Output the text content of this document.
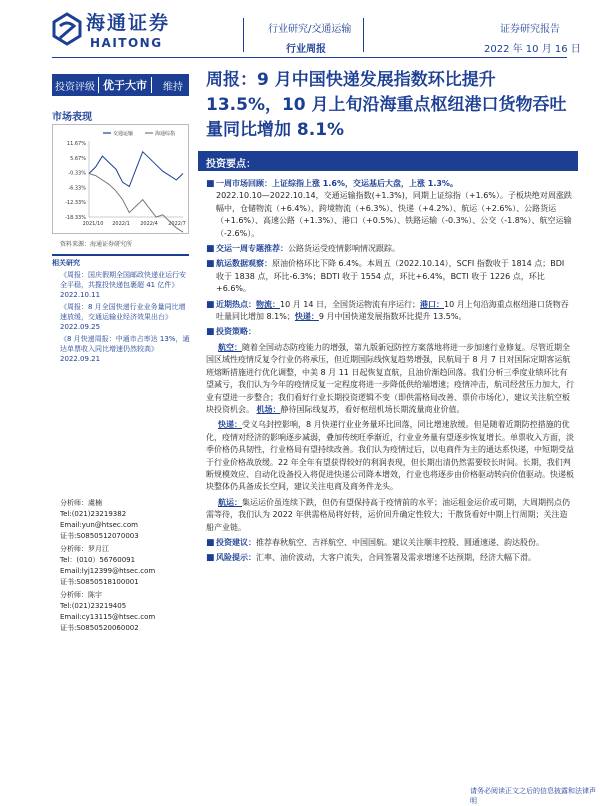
海通证券
HAITONG
行业研究/交通运输
行业周报
证券研究报告
2022 年 10 月 16 日
投资评级 优于大市	维持	周报：9 月中国快递发展指数环比提升 13.5%，10 月上旬沿海重点枢纽港口货物吞吐量同比增加 8.1%
市场表现
11.67%
5.67%
-0.33%
-6.33%
-12.33%
-18.33%
2021/10 2022/1 2022/4 2022/7
交通运输	海通综指
资料来源：海通证券研究所
相关研究
《周报：国庆假期全国邮政快递业运行安全平稳，共揽投快递包裹超 41 亿件》
2022.10.11
《周报：8 月全国快递行业业务量同比增速放缓，交通运输业经济效果出台》
2022.09.25
《8 月快递周报：中通市占率达 13%，通达单票收入同比增速仍然较高》
2022.09.21
分析师：虞楠
Tel:(021)23219382
Email:yun@htsec.com
证书:S0850512070003
分析师：罗月江
Tel：(010）56760091
Email:lyj12399@htsec.com
证书:S0850518100001
分析师：陈宇
Tel:(021)23219405
Email:cy13115@htsec.com
证书:S0850520060002
投资要点：
■ 一周市场回顾：上证综指上涨 1.6%，交运基后大盘，上涨 1.3%。
2022.10.10—2022.10.14，交通运输指数(+1.3%)，同期上证综指（+1.6%）。子板块绝对周涨跌幅中，仓储物流（+6.4%）、跨境物流（+6.3%）、快递（+4.2%）、航运（+2.6%）、公路货运（+1.6%）、高速公路（+1.3%）、港口（+0.5%）、铁路运输（-0.3%）、公交（-1.8%）、航空运输（-2.6%）。
■ 交运一周专题推荐：公路货运受疫情影响情况跟踪。
■ 航运数据观察：原油价格环比下降 6.4%。本周五（2022.10.14），SCFI 指数收于 1814 点；BDI 收于 1838 点，环比-6.3%；BDTI 收于 1554 点，环比+6.4%，BCTI 收于 1226 点，环比+6.6%。
■ 近期热点：物流：10 月 14 日，全国货运物流有序运行；港口：10 月上旬沿海重点枢纽港口货物吞吐量同比增加 8.1%；快递：9 月中国快递发展指数环比提升 13.5%。
■ 投资策略：
航空：随着全国动态防疫能力的增强，第九版新冠防控方案落地将进一步加速行业修复。尽管近期全国区域性疫情反复令行业仍将承压，但近期国际线恢复趋势增强，民航局于 8 月 7 日对国际定期客运航班熔断措施进行优化调整，中美 8 月 11 日起恢复直航，且油价渐趋回落。我们分析三季度业绩环比有望减亏，我们认为今年的疫情反复一定程度将进一步降低供给端增速；疫情冲击，航司经营压力加大，行业有望进一步整合；我们看好行业长期投资逻辑不变（即供需格局改善、票价市场化），建议关注航空板块投资机会。 机场：静待国际线复苏，看好枢纽机场长期流量商业价值。
快递：受义乌封控影响，8 月快递行业业务量环比回落，同比增速放缓。但是随着近期防控措施的优化，疫情对经济的影响逐步减弱，叠加传统旺季渐近，行业业务量有望逐步恢复增长。单票收入方面，淡季价格仍具韧性，行业格局有望持续改善。我们认为疫情过后，以电商件为主的通达系快递，中短期受益于行业价格战放缓。22 年全年有望获得较好的利润表现，但长期出清仍然需要较长时间。长期，我们判断规模效应、自动化设备投入将促进快递公司降本增效，行业也将逐步由价格驱动转向价值驱动。快递板块整体仍具备成长空间，建议关注电商及商务件龙头。
航运：集运运价虽连续下跌，但仍有望保持高于疫情前的水平；油运租金运价或可期，大周期拐点仍需等待，我们认为 2022 年供需格局将好转，运价回升确定性较大；干散货看好中期上行周期；关注造船产业链。
■ 投资建议：推荐春秋航空、吉祥航空、中国国航。建议关注顺丰控股、圆通速递、韵达股份。
■ 风险提示：汇率、油价波动，大客户流失，合同签署及需求增速不达预期，经济大幅下滑。
请务必阅读正文之后的信息披露和法律声明
